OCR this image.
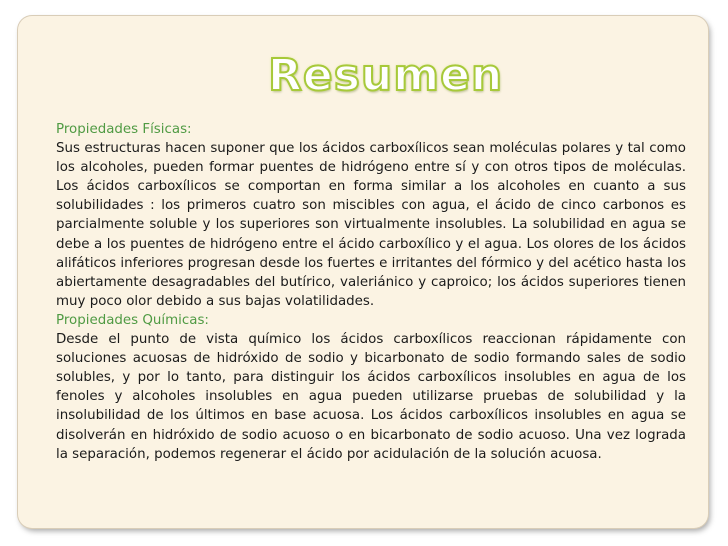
Resumen

Propiedades Físicas:

Sus estructuras hacen suponer que los ácidos carboxílicos sean moléculas polares y tal como los alcoholes, pueden formar puentes de hidrógeno entre sí y con otros tipos de moléculas. Los ácidos carboxílicos se comportan en forma similar a los alcoholes en cuanto a sus solubilidades : los primeros cuatro son miscibles con agua, el ácido de cinco carbonos es parcialmente soluble y los superiores son virtualmente insolubles. La solubilidad en agua se debe a los puentes de hidrógeno entre el ácido carboxílico y el agua. Los olores de los ácidos alifáticos inferiores progresan desde los fuertes e irritantes del fórmico y del acético hasta los abiertamente desagradables del butírico, valeriánico y caproico; los ácidos superiores tienen muy poco olor debido a sus bajas volatilidades.

Propiedades Químicas:

Desde el punto de vista químico los ácidos carboxílicos reaccionan rápidamente con soluciones acuosas de hidróxido de sodio y bicarbonato de sodio formando sales de sodio solubles, y por lo tanto, para distinguir los ácidos carboxílicos insolubles en agua de los fenoles y alcoholes insolubles en agua pueden utilizarse pruebas de solubilidad y la insolubilidad de los últimos en base acuosa. Los ácidos carboxílicos insolubles en agua se disolverán en hidróxido de sodio acuoso o en bicarbonato de sodio acuoso. Una vez lograda la separación, podemos regenerar el ácido por acidulación de la solución acuosa.
